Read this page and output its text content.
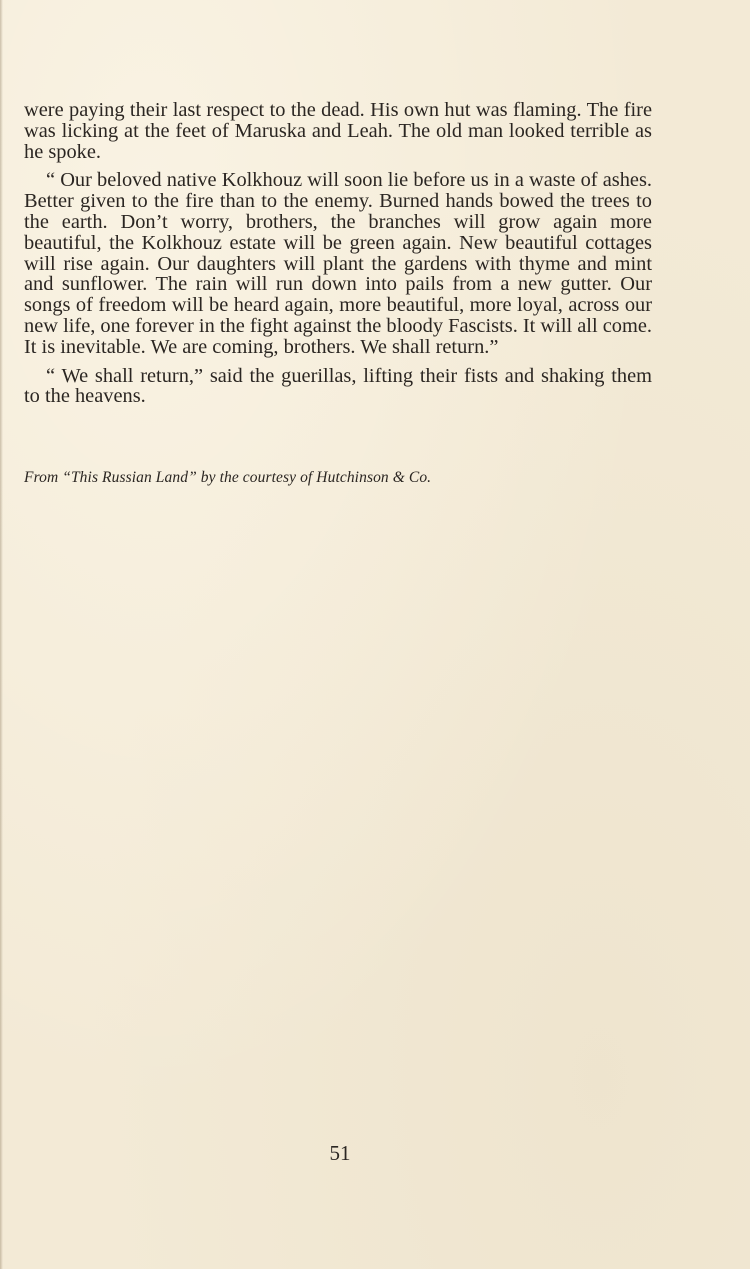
were paying their last respect to the dead. His own hut was flaming. The fire was licking at the feet of Maruska and Leah. The old man looked terrible as he spoke.

“ Our beloved native Kolkhouz will soon lie before us in a waste of ashes. Better given to the fire than to the enemy. Burned hands bowed the trees to the earth. Don’t worry, brothers, the branches will grow again more beautiful, the Kolkhouz estate will be green again. New beautiful cottages will rise again. Our daughters will plant the gardens with thyme and mint and sunflower. The rain will run down into pails from a new gutter. Our songs of freedom will be heard again, more beautiful, more loyal, across our new life, one forever in the fight against the bloody Fascists. It will all come. It is inevitable. We are coming, brothers. We shall return.”

“ We shall return,” said the guerillas, lifting their fists and shaking them to the heavens.

From “This Russian Land” by the courtesy of Hutchinson & Co.
51
